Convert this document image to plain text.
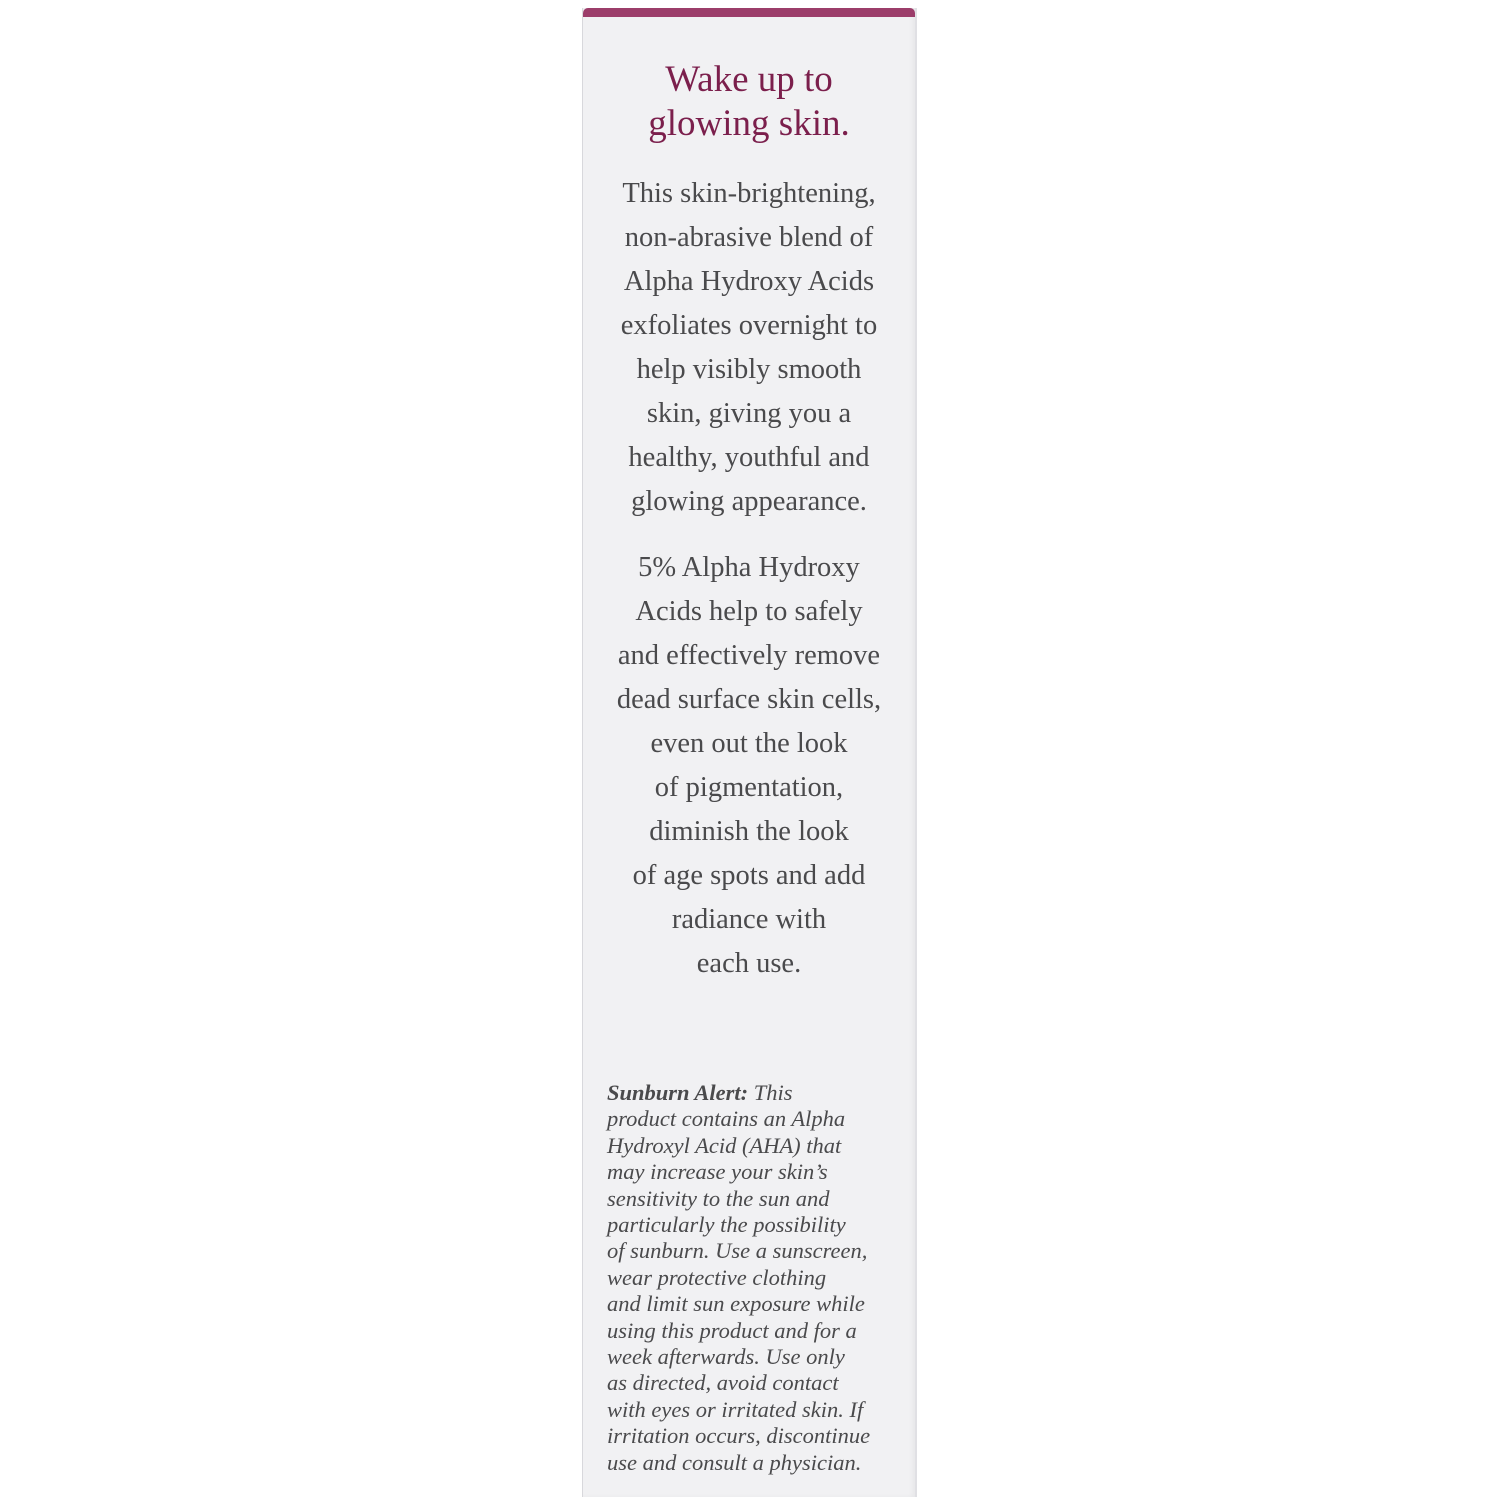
Wake up to
glowing skin.
This skin-brightening,
non-abrasive blend of
Alpha Hydroxy Acids
exfoliates overnight to
help visibly smooth
skin, giving you a
healthy, youthful and
glowing appearance.
5% Alpha Hydroxy
Acids help to safely
and effectively remove
dead surface skin cells,
even out the look
of pigmentation,
diminish the look
of age spots and add
radiance with
each use.
Sunburn Alert: This
product contains an Alpha
Hydroxyl Acid (AHA) that
may increase your skin’s
sensitivity to the sun and
particularly the possibility
of sunburn. Use a sunscreen,
wear protective clothing
and limit sun exposure while
using this product and for a
week afterwards. Use only
as directed, avoid contact
with eyes or irritated skin. If
irritation occurs, discontinue
use and consult a physician.
